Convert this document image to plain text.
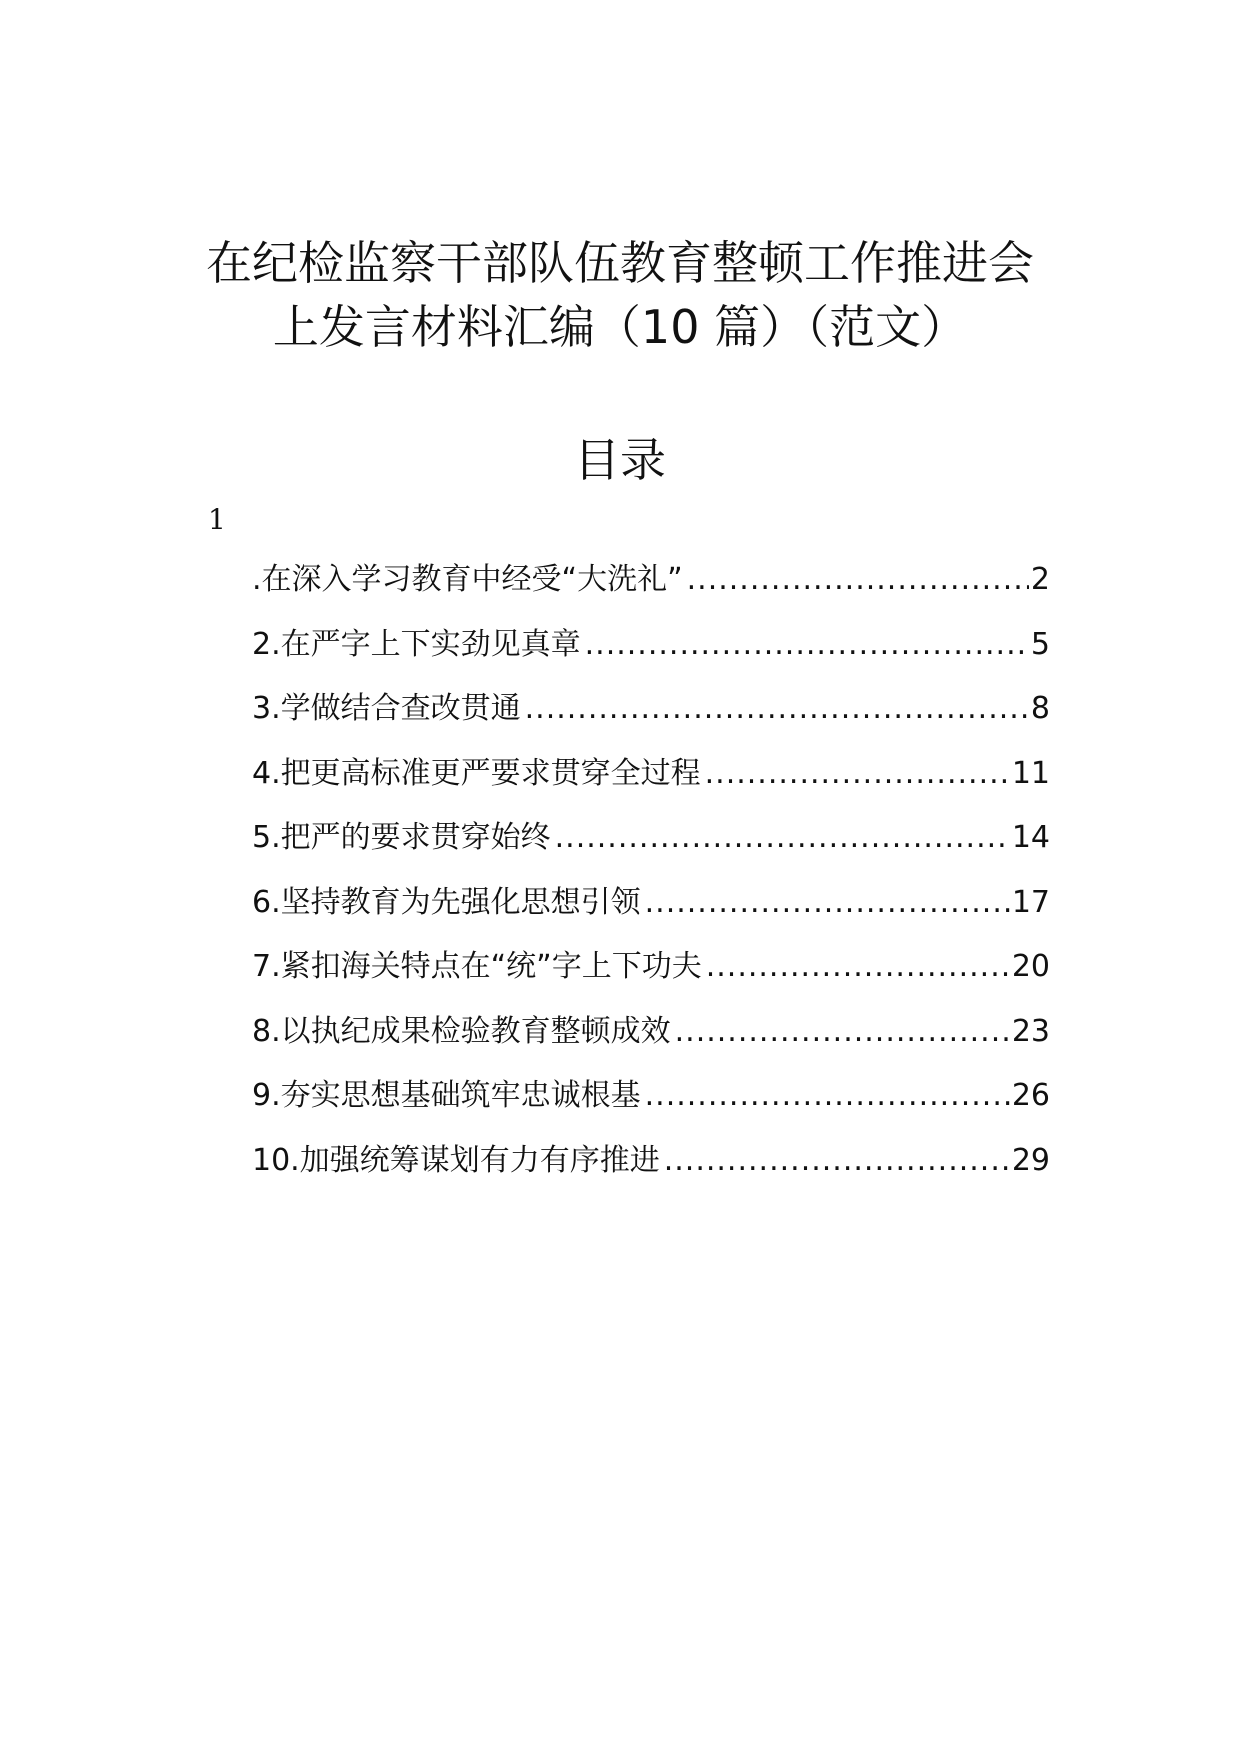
在纪检监察干部队伍教育整顿工作推进会
上发言材料汇编（10 篇）（范文）
目录
1
.在深入学习教育中经受“大洗礼” .....	2
2.在严字上下实劲见真章 .....	5
3.学做结合查改贯通 .....	8
4.把更高标准更严要求贯穿全过程 .....	11
5.把严的要求贯穿始终 .....	14
6.坚持教育为先强化思想引领 .....	17
7.紧扣海关特点在“统”字上下功夫 .....	20
8.以执纪成果检验教育整顿成效 .....	23
9.夯实思想基础筑牢忠诚根基 .....	26
10.加强统筹谋划有力有序推进 .....	29
